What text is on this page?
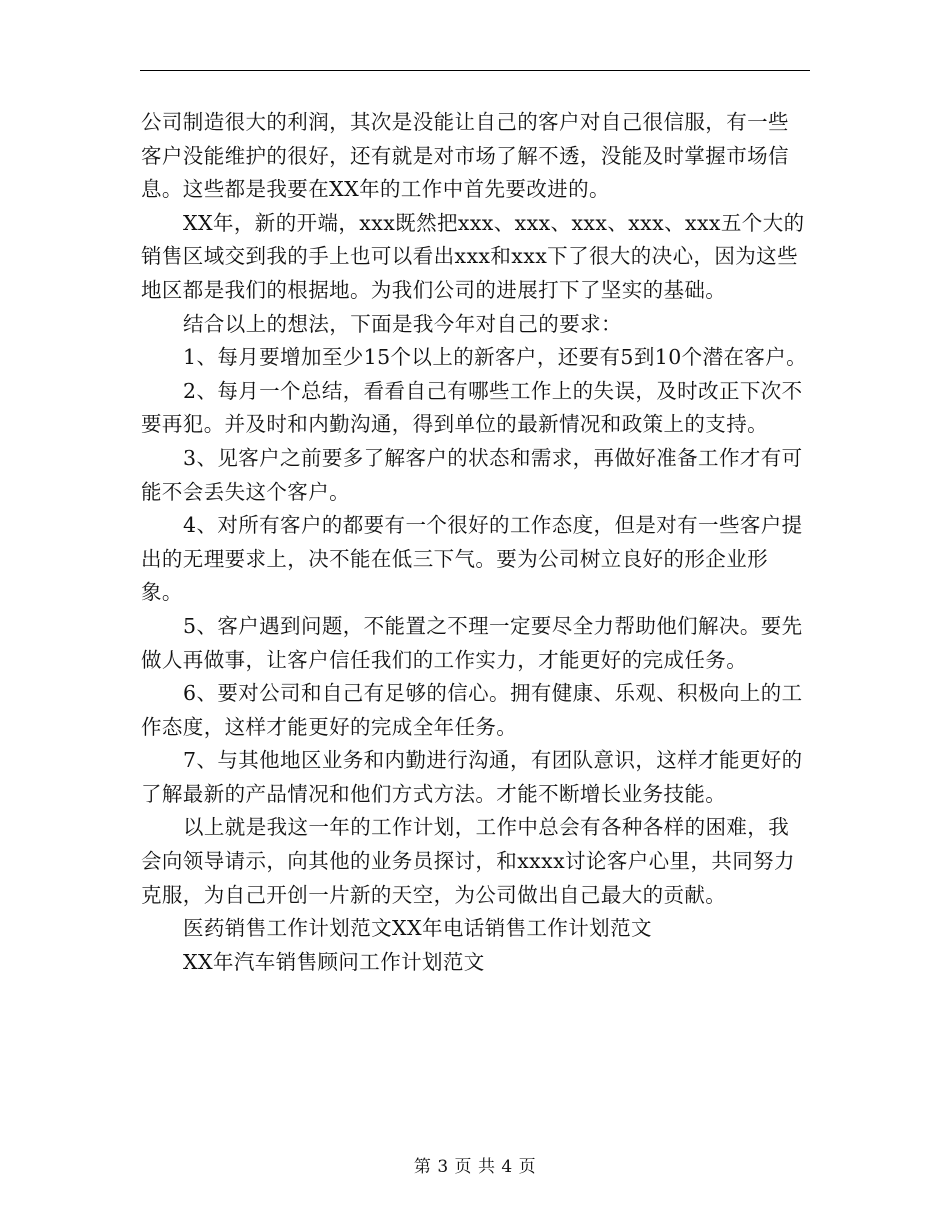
公司制造很大的利润，其次是没能让自己的客户对自己很信服，有一些客户没能维护的很好，还有就是对市场了解不透，没能及时掌握市场信息。这些都是我要在XX年的工作中首先要改进的。

XX年，新的开端，xxx既然把xxx、xxx、xxx、xxx、xxx五个大的销售区域交到我的手上也可以看出xxx和xxx下了很大的决心，因为这些地区都是我们的根据地。为我们公司的进展打下了坚实的基础。

结合以上的想法，下面是我今年对自己的要求：

1、每月要增加至少15个以上的新客户，还要有5到10个潜在客户。

2、每月一个总结，看看自己有哪些工作上的失误，及时改正下次不要再犯。并及时和内勤沟通，得到单位的最新情况和政策上的支持。

3、见客户之前要多了解客户的状态和需求，再做好准备工作才有可能不会丢失这个客户。

4、对所有客户的都要有一个很好的工作态度，但是对有一些客户提出的无理要求上，决不能在低三下气。要为公司树立良好的形企业形象。

5、客户遇到问题，不能置之不理一定要尽全力帮助他们解决。要先做人再做事，让客户信任我们的工作实力，才能更好的完成任务。

6、要对公司和自己有足够的信心。拥有健康、乐观、积极向上的工作态度，这样才能更好的完成全年任务。

7、与其他地区业务和内勤进行沟通，有团队意识，这样才能更好的了解最新的产品情况和他们方式方法。才能不断增长业务技能。

以上就是我这一年的工作计划，工作中总会有各种各样的困难，我会向领导请示，向其他的业务员探讨，和xxxx讨论客户心里，共同努力克服，为自己开创一片新的天空，为公司做出自己最大的贡献。

医药销售工作计划范文XX年电话销售工作计划范文

XX年汽车销售顾问工作计划范文

第 3 页 共 4 页
